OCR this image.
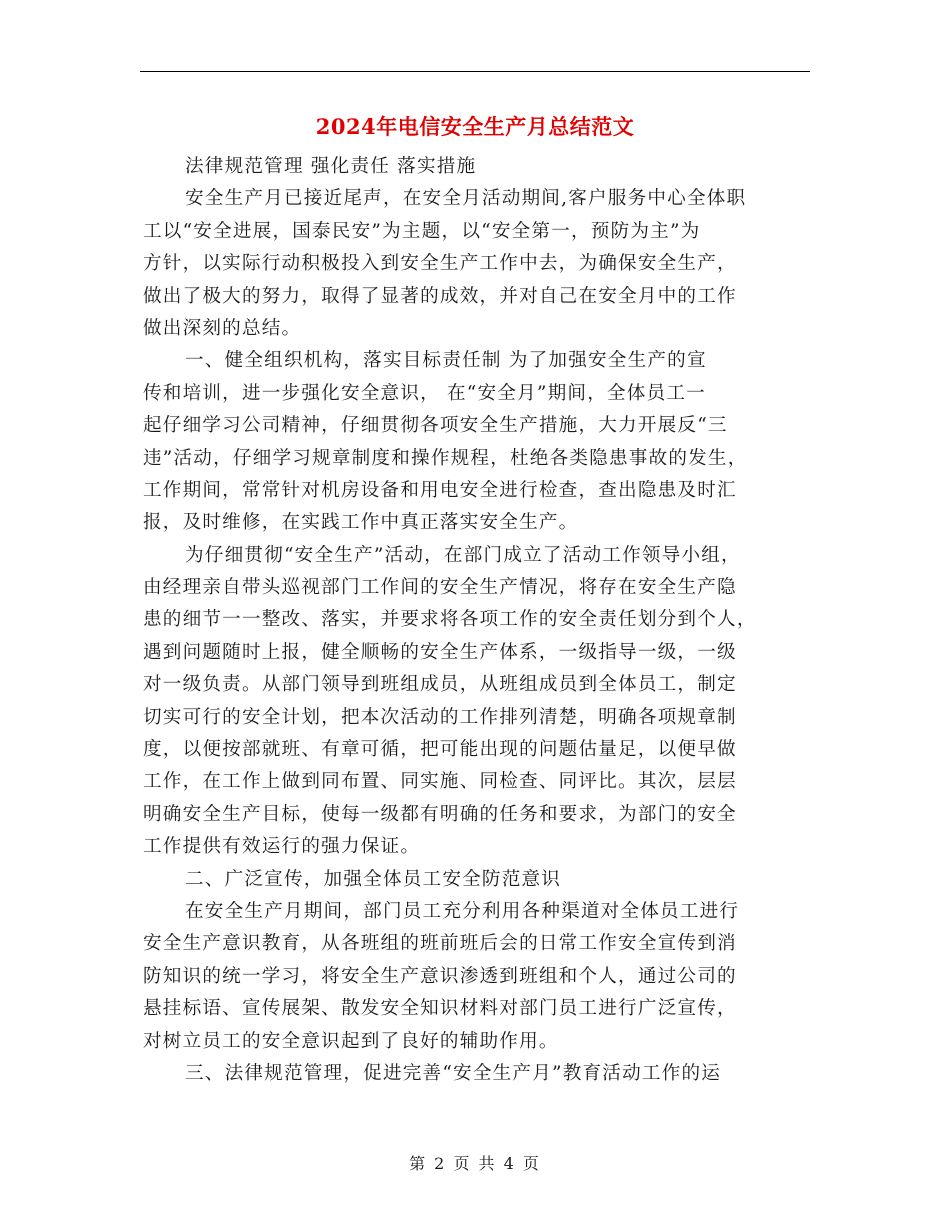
2024年电信安全生产月总结范文
法律规范管理 强化责任 落实措施
安全生产月已接近尾声，在安全月活动期间,客户服务中心全体职
工以“安全进展，国泰民安”为主题，以“安全第一，预防为主”为
方针，以实际行动积极投入到安全生产工作中去，为确保安全生产，
做出了极大的努力，取得了显著的成效，并对自己在安全月中的工作
做出深刻的总结。
一、健全组织机构，落实目标责任制 为了加强安全生产的宣
传和培训，进一步强化安全意识， 在“安全月”期间，全体员工一
起仔细学习公司精神，仔细贯彻各项安全生产措施，大力开展反“三
违”活动，仔细学习规章制度和操作规程，杜绝各类隐患事故的发生，
工作期间，常常针对机房设备和用电安全进行检查，查出隐患及时汇
报，及时维修，在实践工作中真正落实安全生产。
为仔细贯彻“安全生产”活动，在部门成立了活动工作领导小组，
由经理亲自带头巡视部门工作间的安全生产情况，将存在安全生产隐
患的细节一一整改、落实，并要求将各项工作的安全责任划分到个人，
遇到问题随时上报，健全顺畅的安全生产体系，一级指导一级，一级
对一级负责。从部门领导到班组成员，从班组成员到全体员工，制定
切实可行的安全计划，把本次活动的工作排列清楚，明确各项规章制
度，以便按部就班、有章可循，把可能出现的问题估量足，以便早做
工作，在工作上做到同布置、同实施、同检查、同评比。其次，层层
明确安全生产目标，使每一级都有明确的任务和要求，为部门的安全
工作提供有效运行的强力保证。
二、广泛宣传，加强全体员工安全防范意识
在安全生产月期间，部门员工充分利用各种渠道对全体员工进行
安全生产意识教育，从各班组的班前班后会的日常工作安全宣传到消
防知识的统一学习，将安全生产意识渗透到班组和个人，通过公司的
悬挂标语、宣传展架、散发安全知识材料对部门员工进行广泛宣传，
对树立员工的安全意识起到了良好的辅助作用。
三、法律规范管理，促进完善“安全生产月”教育活动工作的运
第 2 页 共 4 页
